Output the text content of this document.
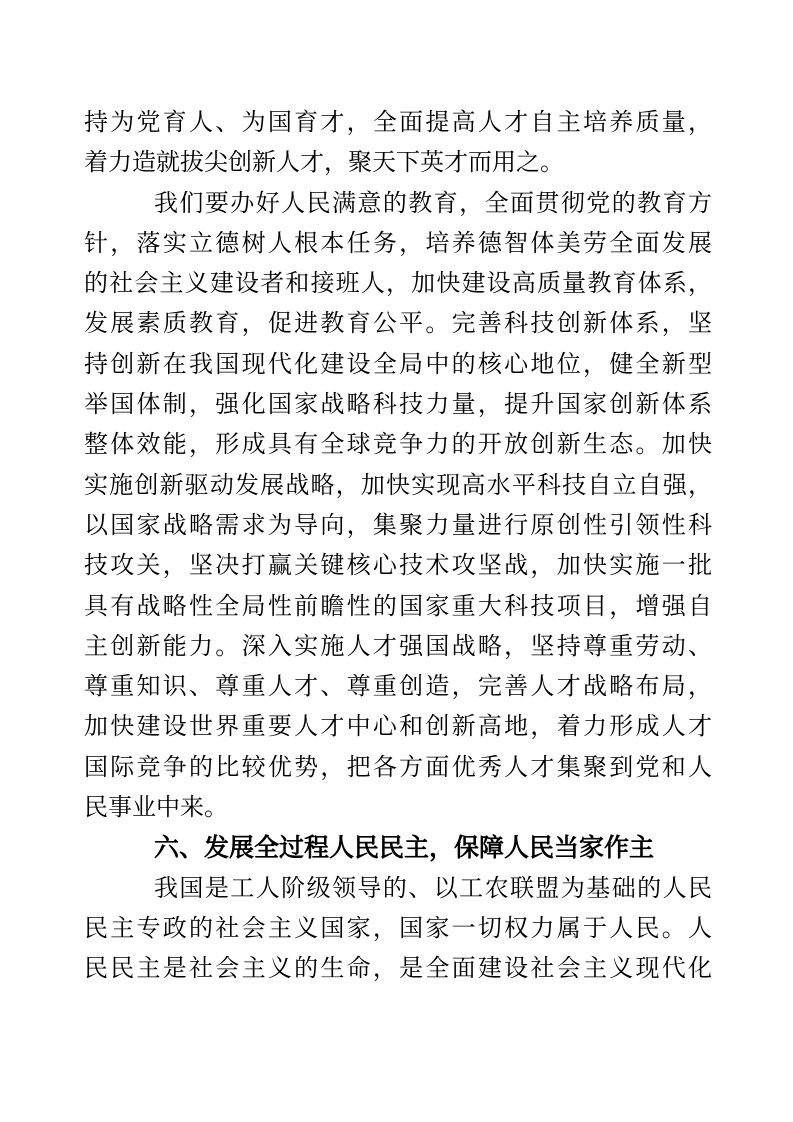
持为党育人、为国育才，全面提高人才自主培养质量，
着力造就拔尖创新人才，聚天下英才而用之。
我们要办好人民满意的教育，全面贯彻党的教育方
针，落实立德树人根本任务，培养德智体美劳全面发展
的社会主义建设者和接班人，加快建设高质量教育体系，
发展素质教育，促进教育公平。完善科技创新体系，坚
持创新在我国现代化建设全局中的核心地位，健全新型
举国体制，强化国家战略科技力量，提升国家创新体系
整体效能，形成具有全球竞争力的开放创新生态。加快
实施创新驱动发展战略，加快实现高水平科技自立自强，
以国家战略需求为导向，集聚力量进行原创性引领性科
技攻关，坚决打赢关键核心技术攻坚战，加快实施一批
具有战略性全局性前瞻性的国家重大科技项目，增强自
主创新能力。深入实施人才强国战略，坚持尊重劳动、
尊重知识、尊重人才、尊重创造，完善人才战略布局，
加快建设世界重要人才中心和创新高地，着力形成人才
国际竞争的比较优势，把各方面优秀人才集聚到党和人
民事业中来。
六、发展全过程人民民主，保障人民当家作主
我国是工人阶级领导的、以工农联盟为基础的人民
民主专政的社会主义国家，国家一切权力属于人民。人
民民主是社会主义的生命，是全面建设社会主义现代化
